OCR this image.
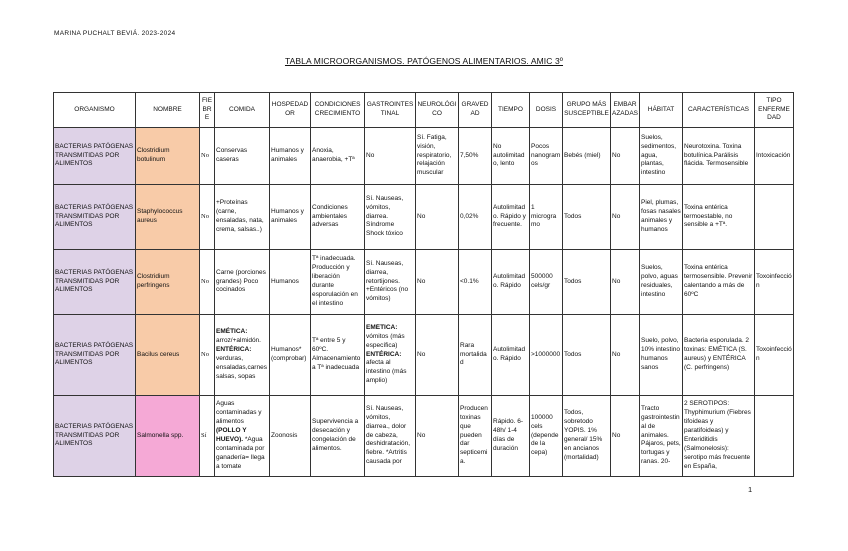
MARINA PUCHALT BEVIÁ. 2023-2024
TABLA MICROORGANISMOS. PATÓGENOS ALIMENTARIOS. AMIC 3º
ORGANISMO	NOMBRE	FIEBRE	COMIDA	HOSPEDADOR	CONDICIONES CRECIMIENTO	GASTROINTESTINAL	NEUROLÓGICO	GRAVEDAD	TIEMPO	DOSIS	GRUPO MÁS SUSCEPTIBLE	EMBARAZADAS	HÁBITAT	CARACTERÍSTICAS	TIPO ENFERMEDAD
BACTERIAS PATÓGENAS TRANSMITIDAS POR ALIMENTOS	Clostridium botulinum	No	Conservas caseras	Humanos y animales	Anoxia, anaerobia, +Tª	No	Sí. Fatiga, visión, respiratorio, relajación muscular	7,50%	No autolimitado, lento	Pocos nanogramos	Bebés (miel)	No	Suelos, sedimentos, agua, plantas, intestino	Neurotoxina. Toxina botulínica.Parálisis flácida. Termosensible	Intoxicación
BACTERIAS PATÓGENAS TRANSMITIDAS POR ALIMENTOS	Staphylococcus aureus	No	+Proteínas (carne, ensaladas, nata, crema, salsas..)	Humanos y animales	Condiciones ambientales adversas	Sí. Nauseas, vómitos, diarrea. Síndrome Shock tóxico	No	0,02%	Autolimitado. Rápido y frecuente.	1 microgramo	Todos	No	Piel, plumas, fosas nasales animales y humanos	Toxina entérica termoestable, no sensible a +Tª.	
BACTERIAS PATÓGENAS TRANSMITIDAS POR ALIMENTOS	Clostridium perfringens	No	Carne (porciones grandes) Poco cocinados	Humanos	Tª inadecuada. Producción y liberación durante esporulación en el intestino	Sí. Nauseas, diarrea, retortijones. +Entéricos (no vómitos)	No	<0.1%	Autolimitado. Rápido	500000 cels/gr	Todos	No	Suelos, polvo, aguas residuales, intestino	Toxina entérica termosensible. Prevenir calentando a más de 60ºC	Toxoinfección
BACTERIAS PATÓGENAS TRANSMITIDAS POR ALIMENTOS	Bacilus cereus	No	EMÉTICA: arroz/+almidón. ENTÉRICA: verduras, ensaladas,carnes salsas, sopas	Humanos* (comprobar)	Tª entre 5 y 60ºC. Almacenamiento a Tª inadecuada	EMÉTICA: vómitos (más específica) ENTÉRICA: afecta al intestino (más amplio)	No	Rara mortalidad	Autolimitado. Rápido	>1000000	Todos	No	Suelo, polvo, 10% intestino humanos sanos	Bacteria esporulada. 2 toxinas: EMÉTICA (S. aureus) y ENTÉRICA (C. perfringens)	Toxoinfección
BACTERIAS PATÓGENAS TRANSMITIDAS POR ALIMENTOS	Salmonella spp.	Sí	Aguas contaminadas y alimentos (POLLO Y HUEVO). *Agua contaminada por ganadería= llega a tomate	Zoonosis	Supervivencia a desecación y congelación de alimentos.	Sí. Nauseas, vómitos, diarrea., dolor de cabeza, deshidratación, fiebre. *Artritis causada por	No	Producen toxinas que pueden dar septicemia.	Rápido. 6-48h/ 1-4 días de duración	100000 cels (depende de la cepa)	Todos, sobretodo YOPIS. 1% general/ 15% en ancianos (mortalidad)	No	Tracto gastrointestinal de animales. Pájaros, pets, tortugas y ranas. 20-	2 SEROTIPOS: Thyphimurium (Fiebres tifoideas y paratifoideas) y Enteriditidis (Salmonelosis): serotipo más frecuente en España,	

1
